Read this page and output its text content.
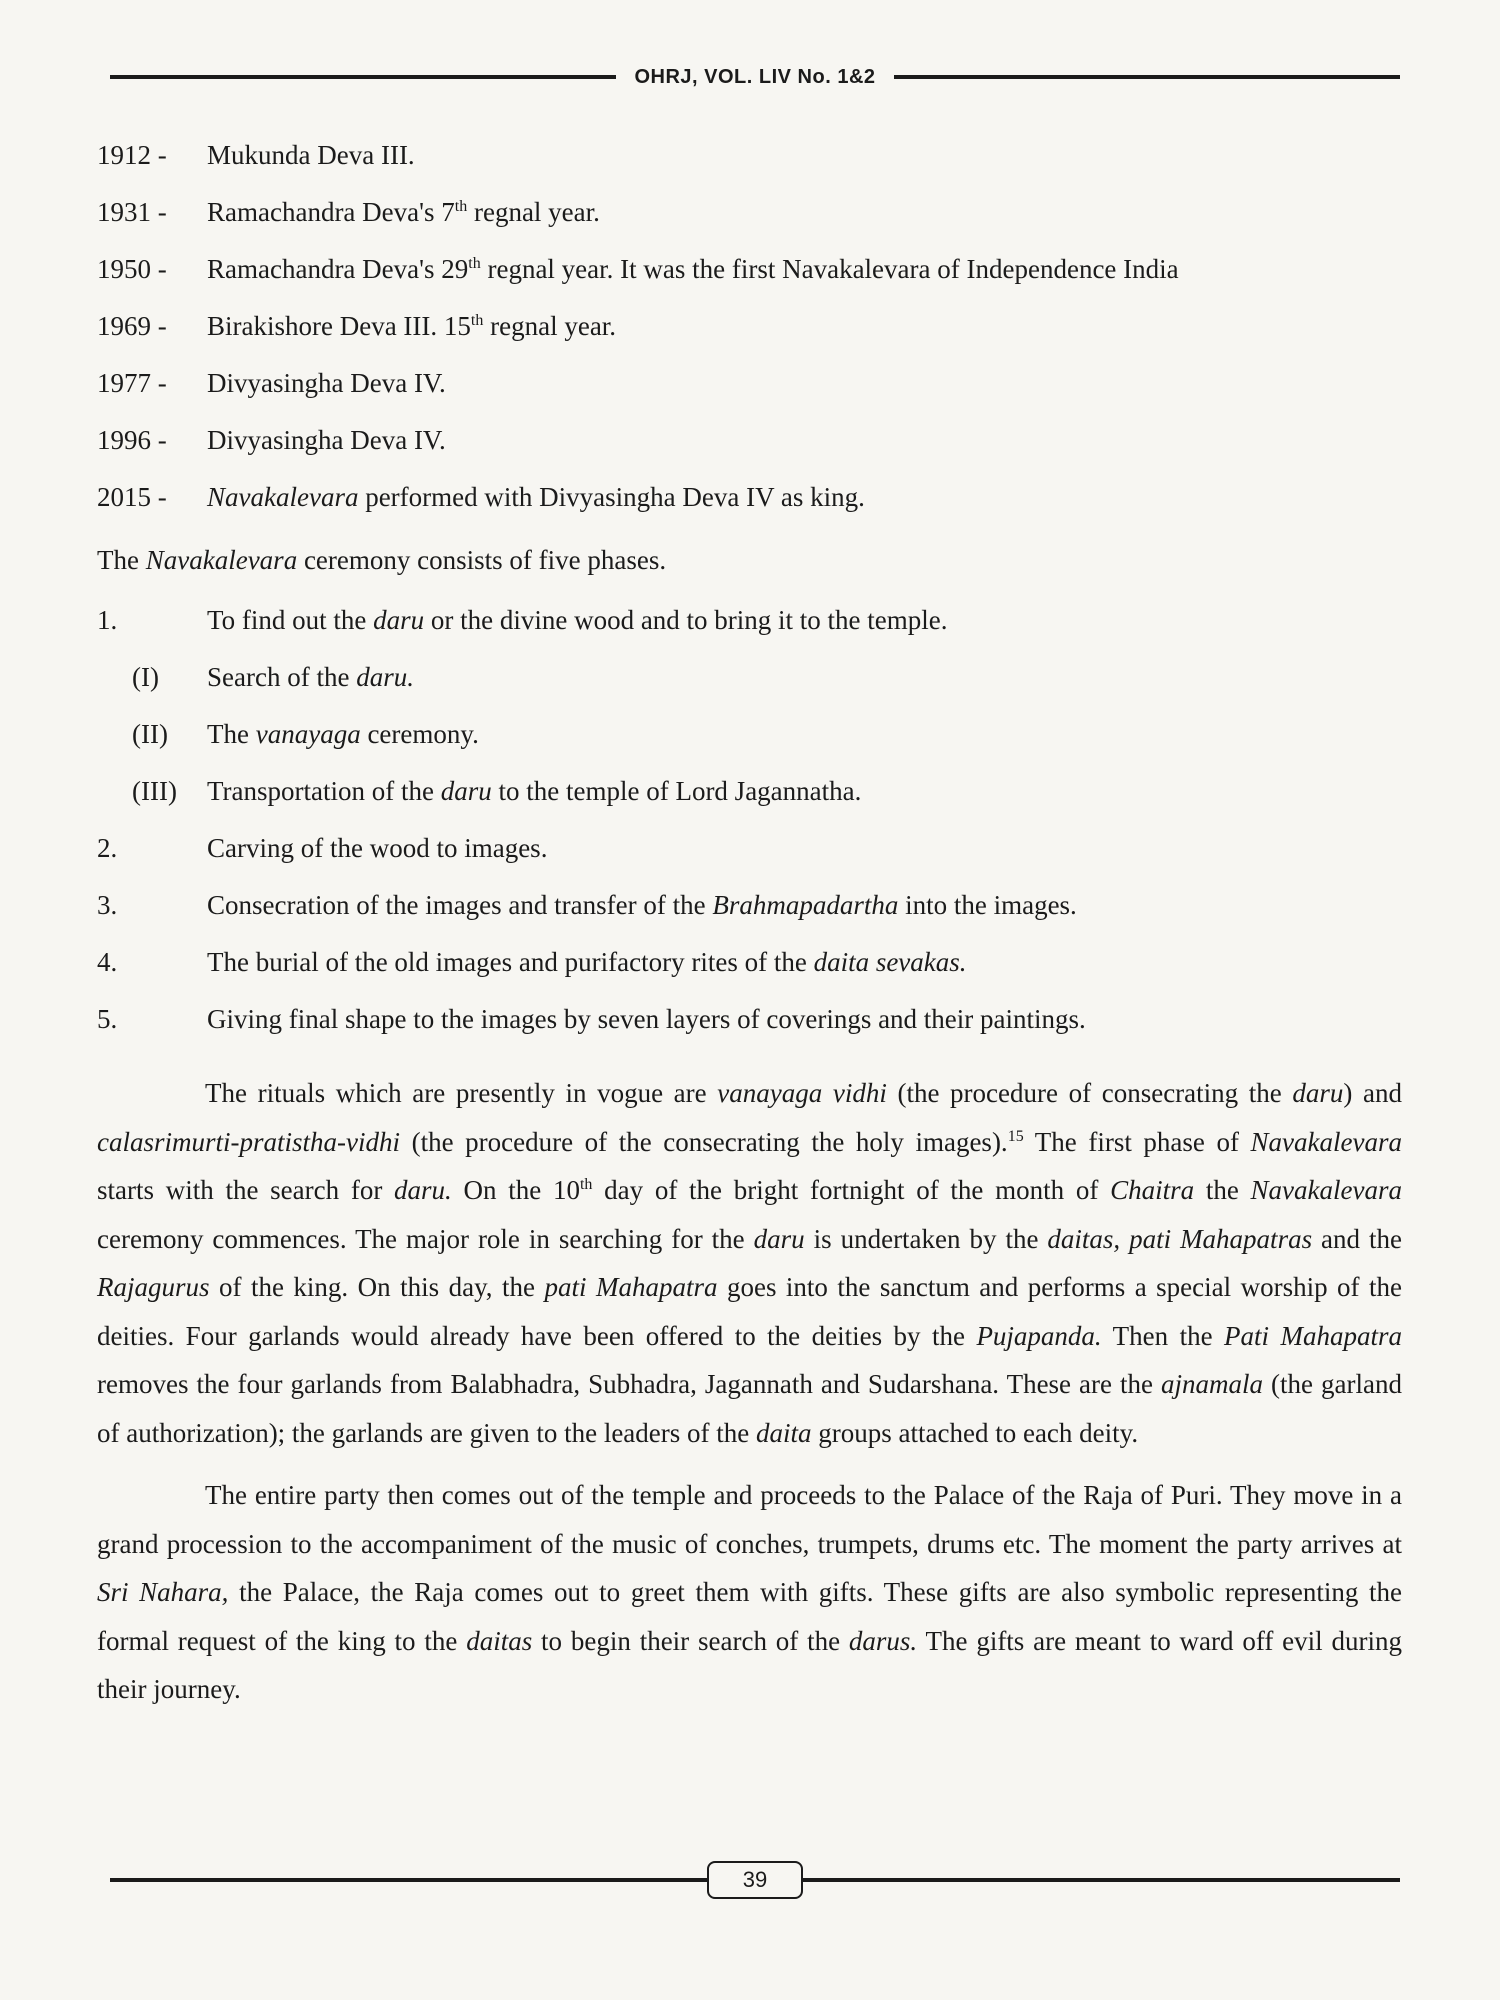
OHRJ, VOL. LIV No. 1&2
1912 -	Mukunda Deva III.
1931 -	Ramachandra Deva's 7th regnal year.
1950 -	Ramachandra Deva's 29th regnal year. It was the first Navakalevara of Independence India
1969 -	Birakishore Deva III. 15th regnal year.
1977 -	Divyasingha Deva IV.
1996 -	Divyasingha Deva IV.
2015 -	Navakalevara performed with Divyasingha Deva IV as king.
The Navakalevara ceremony consists of five phases.
1.	To find out the daru or the divine wood and to bring it to the temple.
(I)	Search of the daru.
(II)	The vanayaga ceremony.
(III)	Transportation of the daru to the temple of Lord Jagannatha.
2.	Carving of the wood to images.
3.	Consecration of the images and transfer of the Brahmapadartha into the images.
4.	The burial of the old images and purifactory rites of the daita sevakas.
5.	Giving final shape to the images by seven layers of coverings and their paintings.

The rituals which are presently in vogue are vanayaga vidhi (the procedure of consecrating the daru) and calasrimurti-pratistha-vidhi (the procedure of the consecrating the holy images).$^{15}$ The first phase of Navakalevara starts with the search for daru. On the 10th day of the bright fortnight of the month of Chaitra the Navakalevara ceremony commences. The major role in searching for the daru is undertaken by the daitas, pati Mahapatras and the Rajagurus of the king. On this day, the pati Mahapatra goes into the sanctum and performs a special worship of the deities. Four garlands would already have been offered to the deities by the Pujapanda. Then the Pati Mahapatra removes the four garlands from Balabhadra, Subhadra, Jagannath and Sudarshana. These are the ajnamala (the garland of authorization); the garlands are given to the leaders of the daita groups attached to each deity.

The entire party then comes out of the temple and proceeds to the Palace of the Raja of Puri. They move in a grand procession to the accompaniment of the music of conches, trumpets, drums etc. The moment the party arrives at Sri Nahara, the Palace, the Raja comes out to greet them with gifts. These gifts are also symbolic representing the formal request of the king to the daitas to begin their search of the darus. The gifts are meant to ward off evil during their journey.

39
